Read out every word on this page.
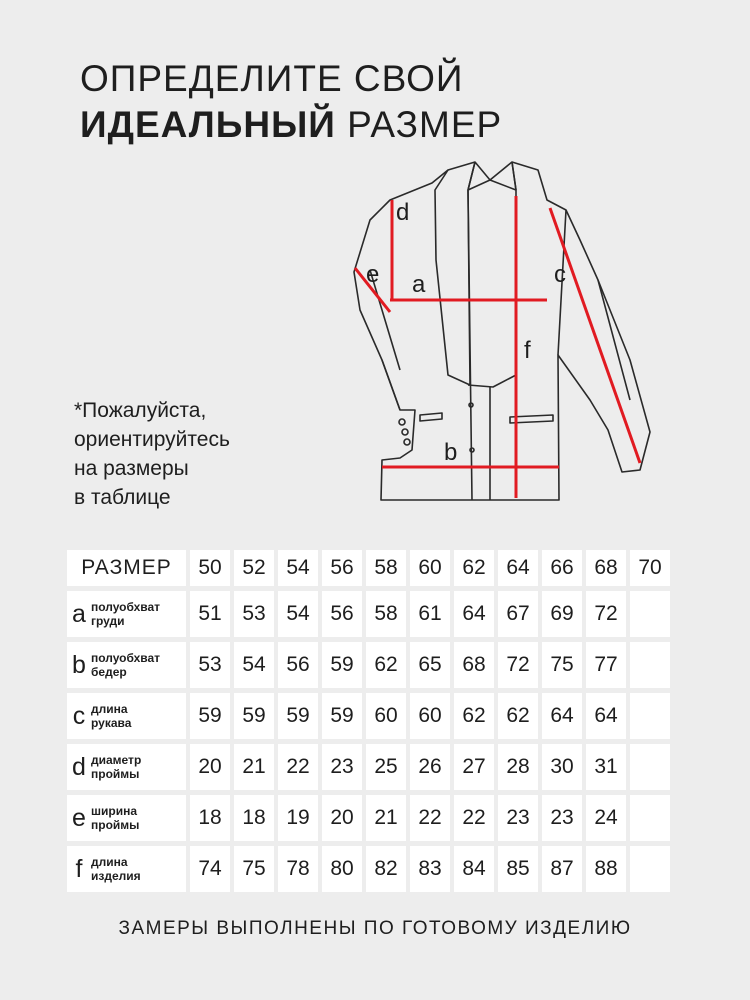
ОПРЕДЕЛИТЕ СВОЙ
ИДЕАЛЬНЫЙ РАЗМЕР
d
e a	c
f
b
*Пожалуйста,
ориентируйтесь
на размеры
в таблице
РАЗМЕР	50	52	54	56	58	60	62	64	66	68	70

a полуобхват
груди	51	53	54	56	58	61	64	67	69	72	

b полуобхват
бедер	53	54	56	59	62	65	68	72	75	77	

c длина
рукава	59	59	59	59	60	60	62	62	64	64	

d диаметр
проймы	20	21	22	23	25	26	27	28	30	31	

e ширина
проймы	18	18	19	20	21	22	22	23	23	24	

f длина
изделия	74	75	78	80	82	83	84	85	87	88	
ЗАМЕРЫ ВЫПОЛНЕНЫ ПО ГОТОВОМУ ИЗДЕЛИЮ
